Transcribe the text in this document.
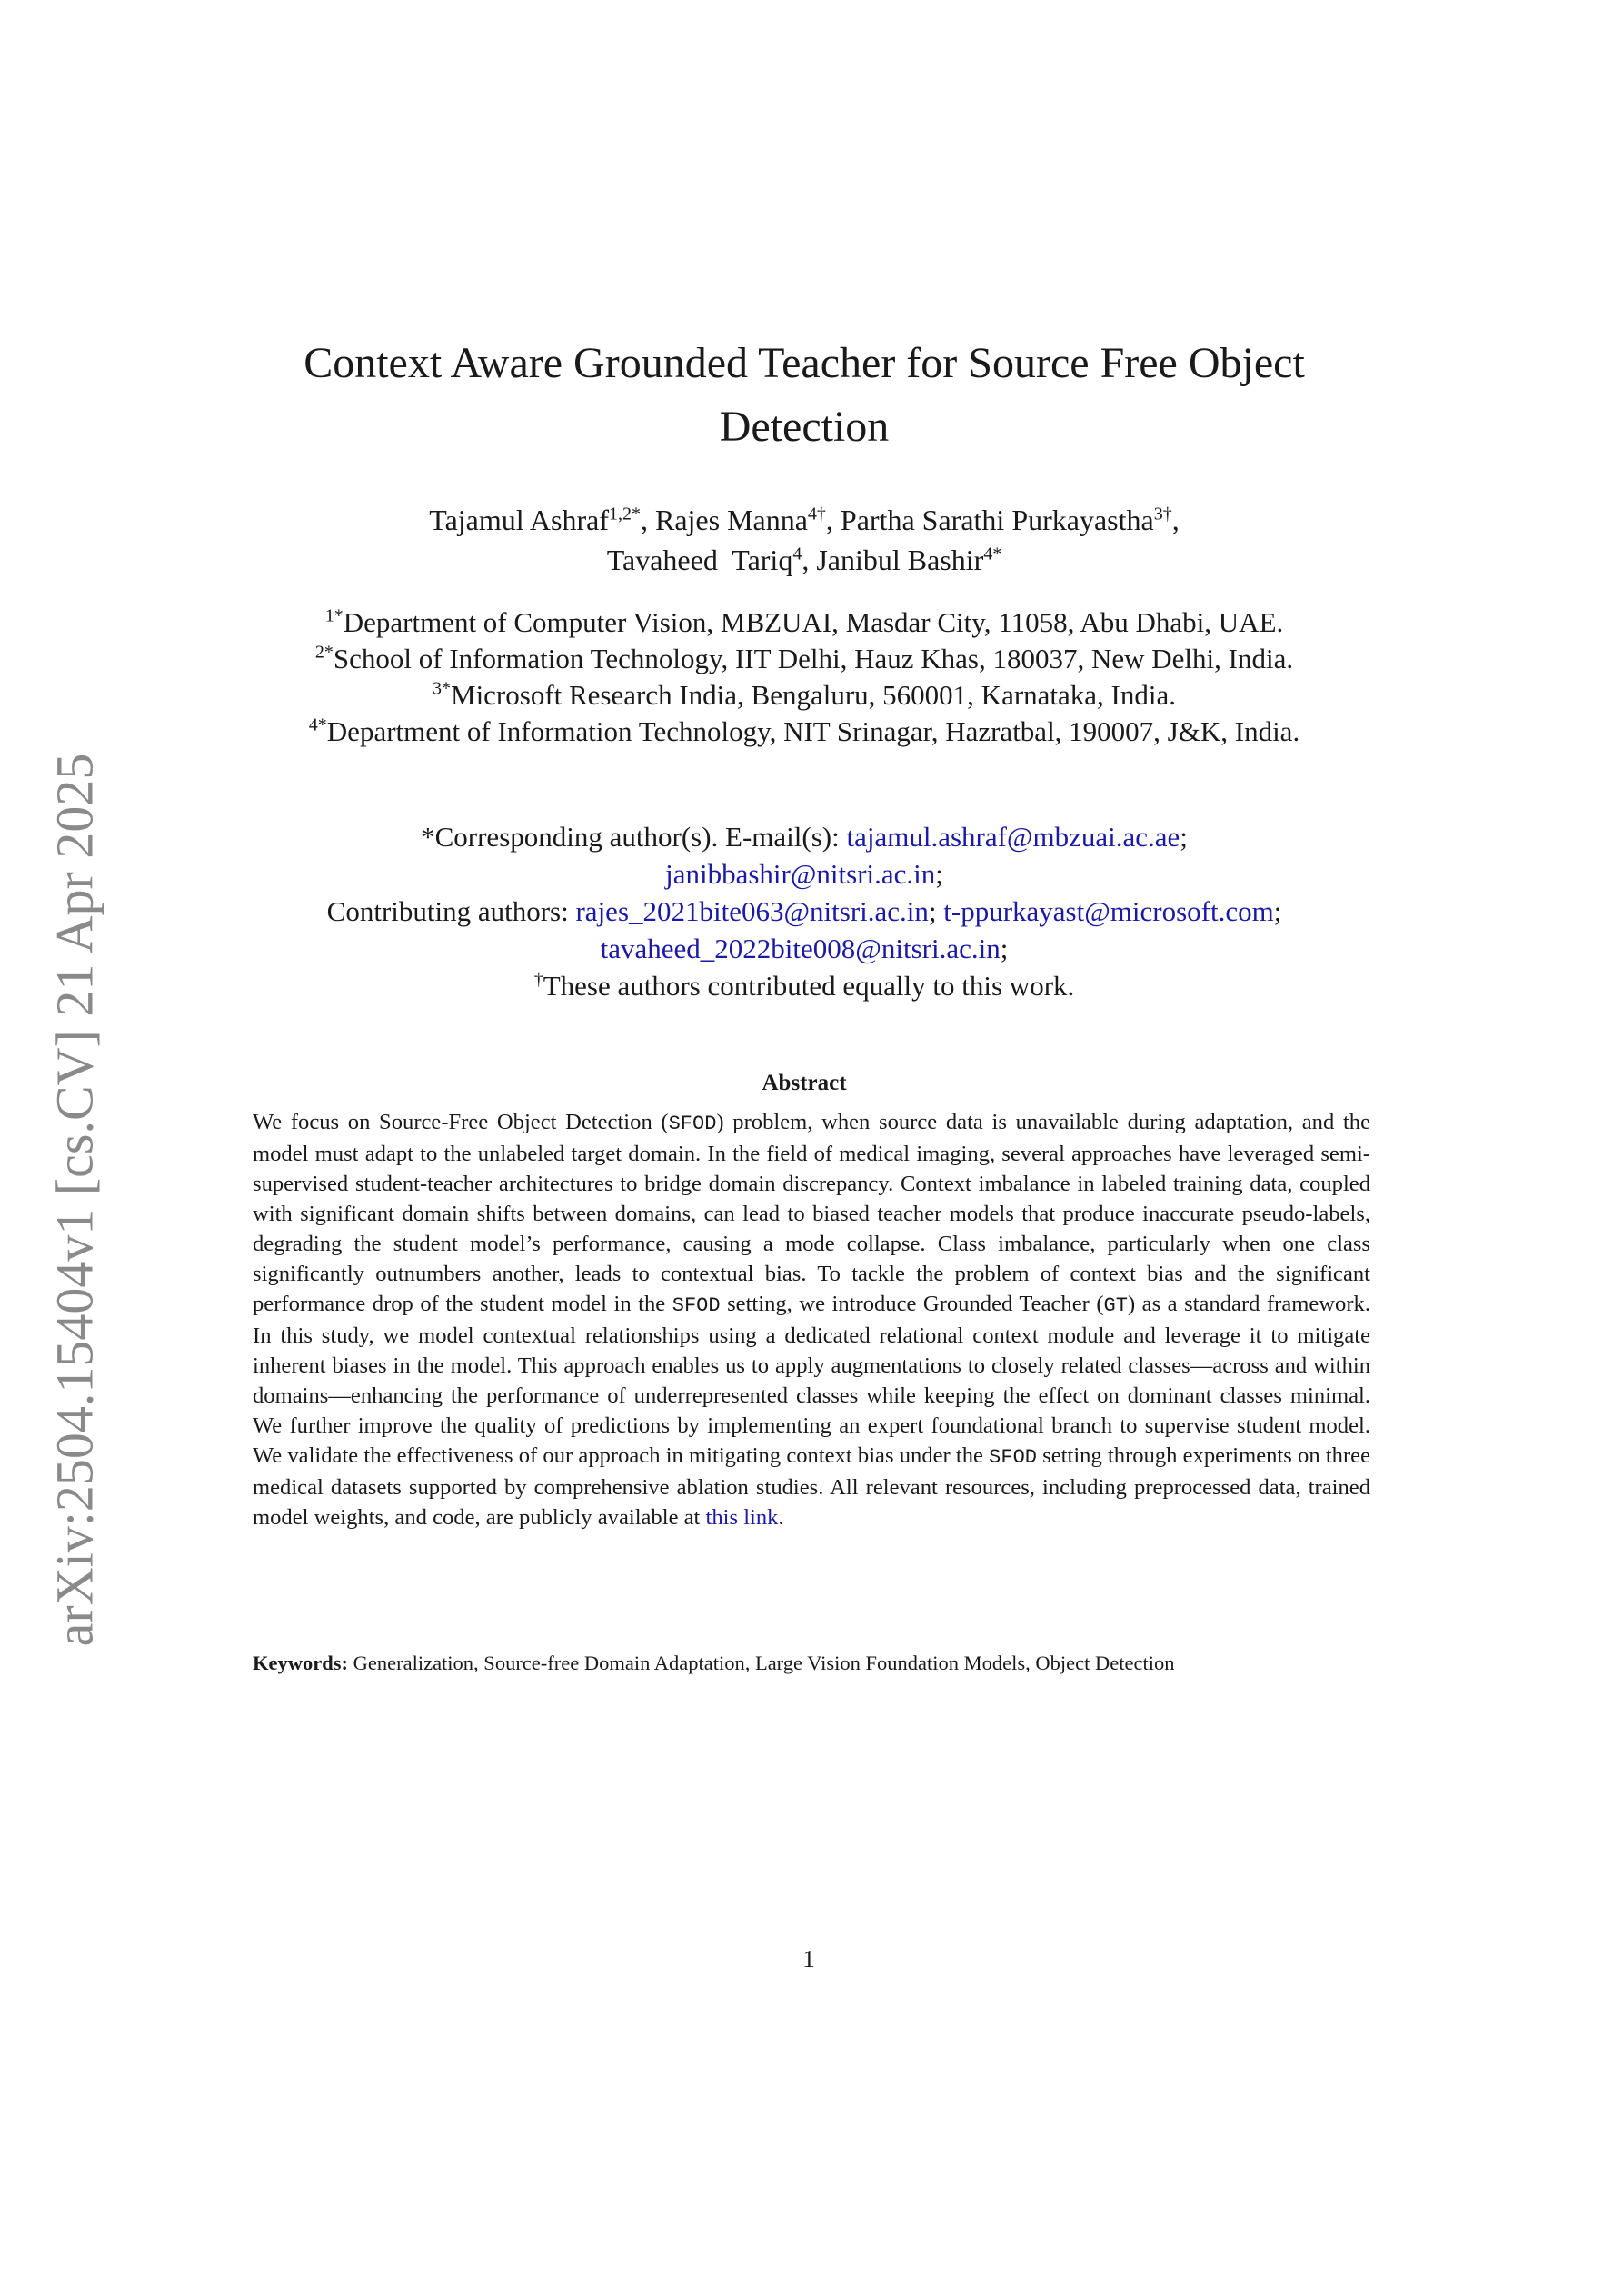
arXiv:2504.15404v1 [cs.CV] 21 Apr 2025
Context Aware Grounded Teacher for Source Free Object
Detection
Tajamul Ashraf$^{1,2*}$, Rajes Manna$^{4\dagger}$, Partha Sarathi Purkayastha$^{3\dagger}$,
Tavaheed  Tariq$^4$, Janibul Bashir$^{4*}$
$^{1*}$Department of Computer Vision, MBZUAI, Masdar City, 11058, Abu Dhabi, UAE.
$^{2*}$School of Information Technology, IIT Delhi, Hauz Khas, 180037, New Delhi, India.
$^{3*}$Microsoft Research India, Bengaluru, 560001, Karnataka, India.
$^{4*}$Department of Information Technology, NIT Srinagar, Hazratbal, 190007, J&K, India.
*Corresponding author(s). E-mail(s): tajamul.ashraf@mbzuai.ac.ae;
janibbashir@nitsri.ac.in;
Contributing authors: rajes_2021bite063@nitsri.ac.in; t-ppurkayast@microsoft.com;
tavaheed_2022bite008@nitsri.ac.in;
†These authors contributed equally to this work.
Abstract

We focus on Source-Free Object Detection (SFOD) problem, when source data is unavailable during adaptation, and the model must adapt to the unlabeled target domain. In the field of medical imaging, several approaches have leveraged semi-supervised student-teacher architectures to bridge domain discrepancy. Context imbalance in labeled training data, coupled with significant domain shifts between domains, can lead to biased teacher models that produce inaccurate pseudo-labels, degrading the student model’s performance, causing a mode collapse. Class imbalance, particularly when one class significantly outnumbers another, leads to contextual bias. To tackle the problem of context bias and the significant performance drop of the student model in the SFOD setting, we introduce Grounded Teacher (GT) as a standard framework. In this study, we model contextual relationships using a dedicated relational context module and leverage it to mitigate inherent biases in the model. This approach enables us to apply augmentations to closely related classes—across and within domains—enhancing the performance of underrepresented classes while keeping the effect on dominant classes minimal. We further improve the quality of predictions by implementing an expert foundational branch to supervise student model. We validate the effectiveness of our approach in mitigating context bias under the SFOD setting through experiments on three medical datasets supported by comprehensive ablation studies. All relevant resources, including preprocessed data, trained model weights, and code, are publicly available at this link.

Keywords: Generalization, Source-free Domain Adaptation, Large Vision Foundation Models, Object Detection

1
